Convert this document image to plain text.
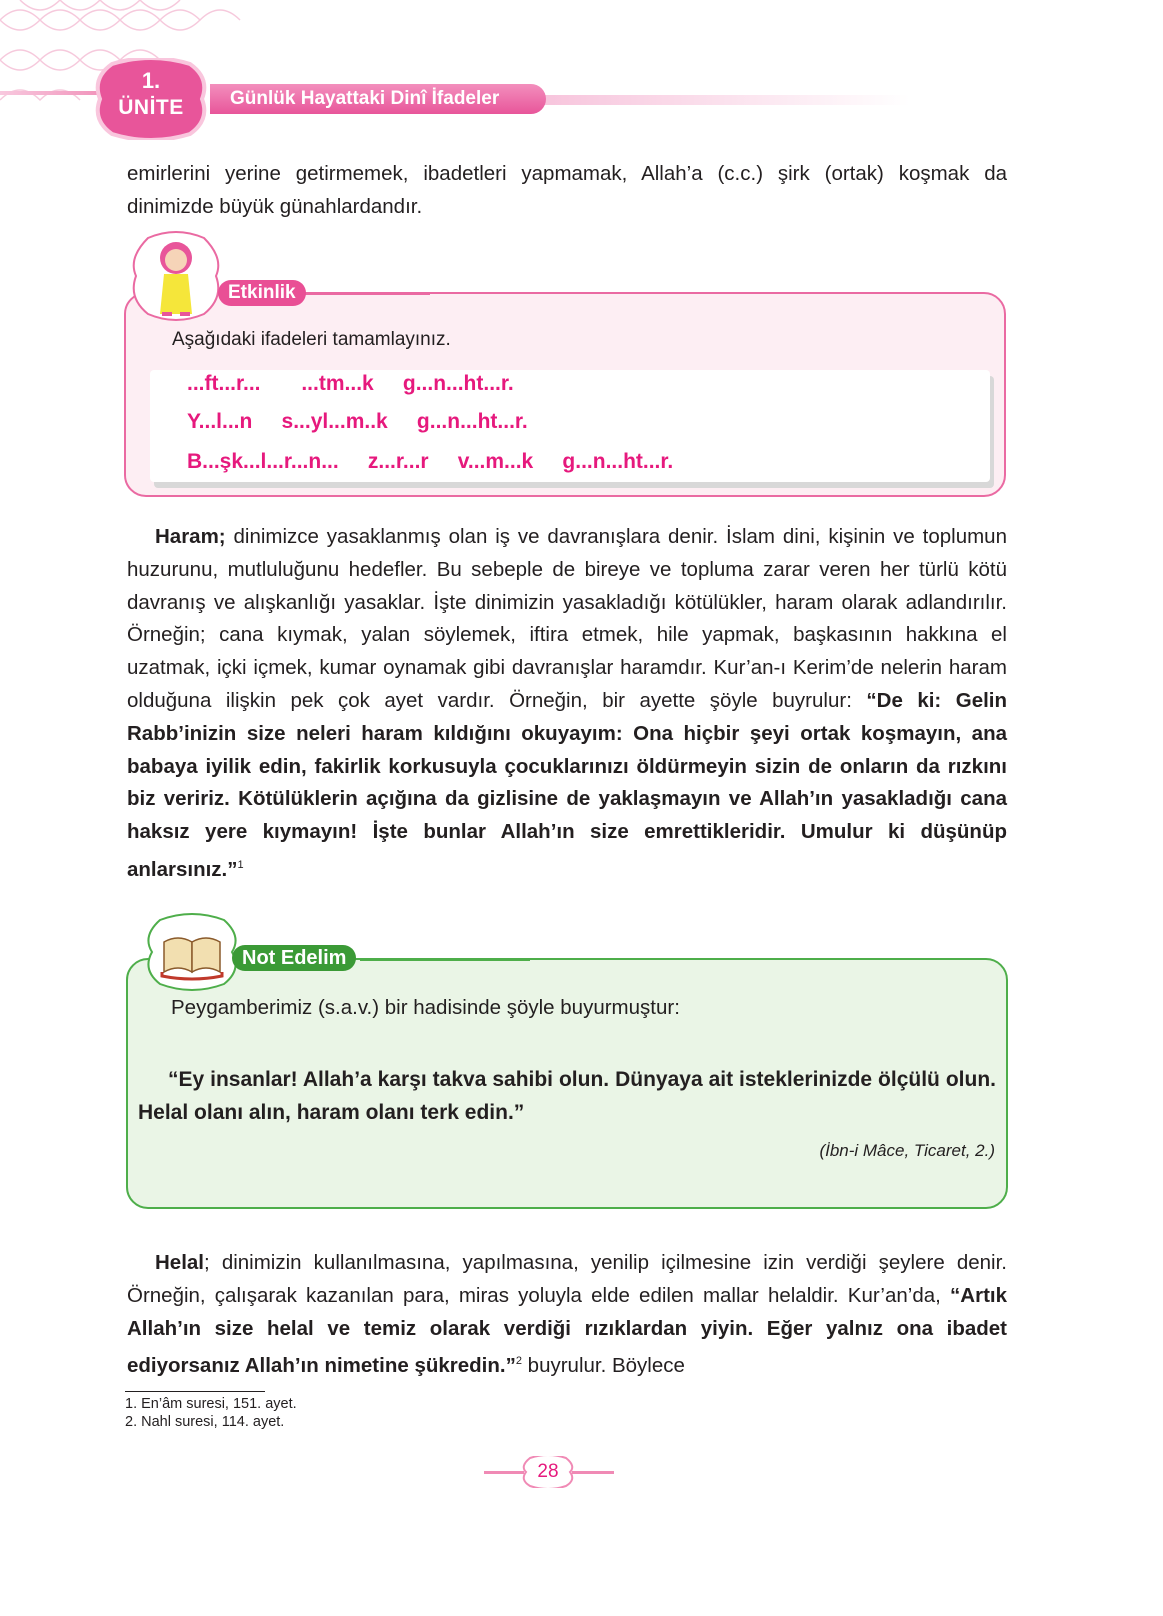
1.
ÜNİTE	Günlük Hayattaki Dinî İfadeler

emirlerini yerine getirmemek, ibadetleri yapmamak, Allah’a (c.c.) şirk (ortak) koşmak da dinimizde büyük günahlardandır.

Etkinlik
Aşağıdaki ifadeleri tamamlayınız.
...ft...r...       ...tm...k     g...n...ht...r.
Y...l...n     s...yl...m..k     g...n...ht...r.
B...şk...l...r...n...     z...r...r     v...m...k     g...n...ht...r.

Haram; dinimizce yasaklanmış olan iş ve davranışlara denir. İslam dini, kişinin ve toplumun huzurunu, mutluluğunu hedefler. Bu sebeple de bireye ve topluma zarar veren her türlü kötü davranış ve alışkanlığı yasaklar. İşte dinimizin yasakladığı kötülükler, haram olarak adlandırılır. Örneğin; cana kıymak, yalan söylemek, iftira etmek, hile yapmak, başkasının hakkına el uzatmak, içki içmek, kumar oynamak gibi davranışlar haramdır. Kur’an-ı Kerim’de nelerin haram olduğuna ilişkin pek çok ayet vardır. Örneğin, bir ayette şöyle buyrulur: “De ki: Gelin Rabb’inizin size neleri haram kıldığını okuyayım: Ona hiçbir şeyi ortak koşmayın, ana babaya iyilik edin, fakirlik korkusuyla çocuklarınızı öldürmeyin sizin de onların da rızkını biz veririz. Kötülüklerin açığına da gizlisine de yaklaşmayın ve Allah’ın yasakladığı cana haksız yere kıymayın! İşte bunlar Allah’ın size emrettikleridir. Umulur ki düşünüp anlarsınız.”$^1$

Not Edelim
Peygamberimiz (s.a.v.) bir hadisinde şöyle buyurmuştur:

“Ey insanlar! Allah’a karşı takva sahibi olun. Dünyaya ait isteklerinizde ölçülü olun. Helal olanı alın, haram olanı terk edin.”

(İbn-i Mâce, Ticaret, 2.)

Helal; dinimizin kullanılmasına, yapılmasına, yenilip içilmesine izin verdiği şeylere denir. Örneğin, çalışarak kazanılan para, miras yoluyla elde edilen mallar helaldir. Kur’an’da, “Artık Allah’ın size helal ve temiz olarak verdiği rızıklardan yiyin. Eğer yalnız ona ibadet ediyorsanız Allah’ın nimetine şükredin.”$^2$ buyrulur. Böylece

1. En’âm suresi, 151. ayet.
2. Nahl suresi, 114. ayet.
28
